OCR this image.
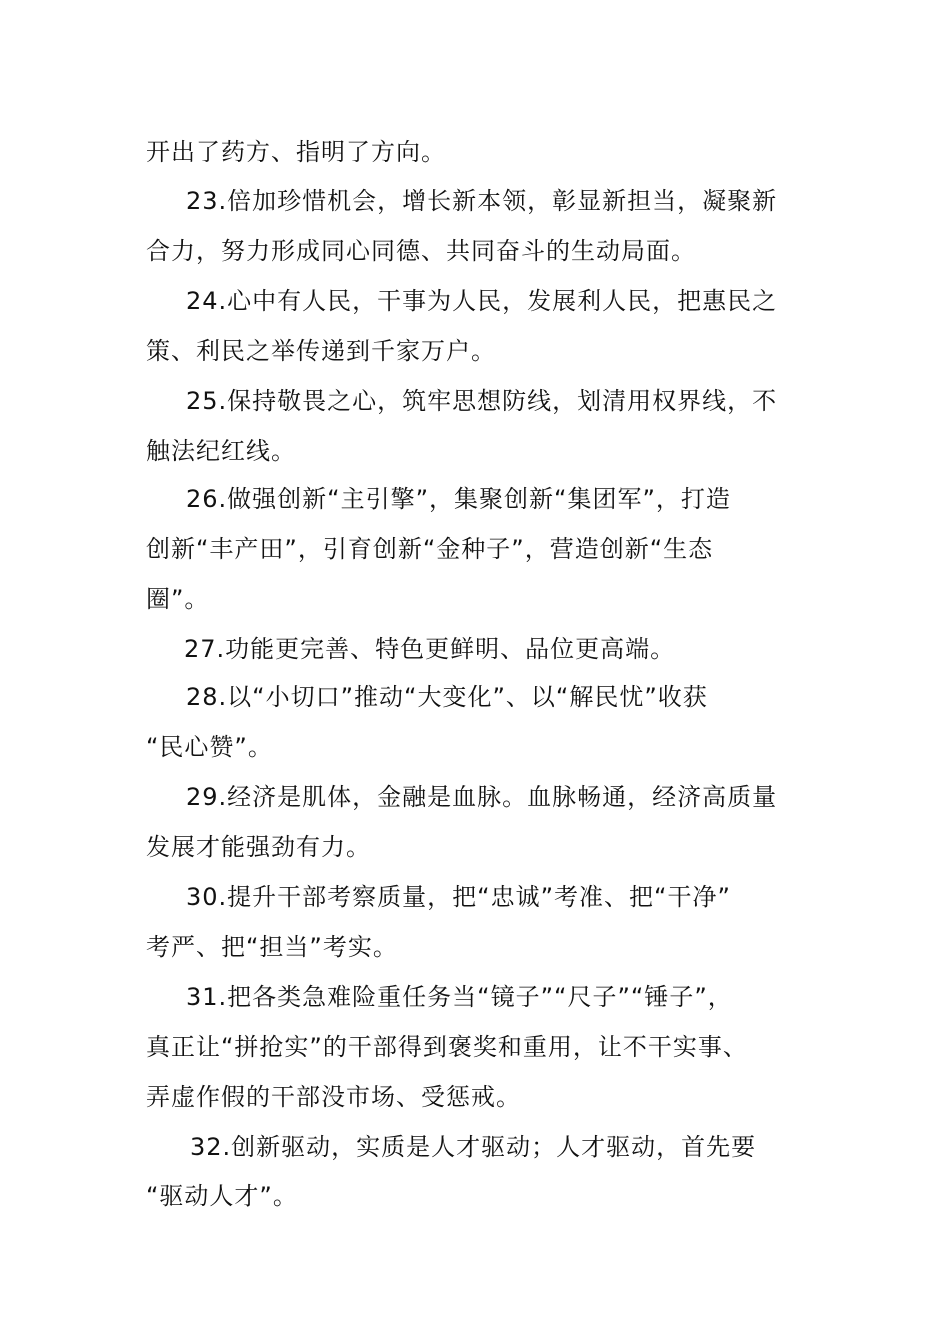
开出了药方、指明了方向。
23.倍加珍惜机会，增长新本领，彰显新担当，凝聚新
合力，努力形成同心同德、共同奋斗的生动局面。
24.心中有人民，干事为人民，发展利人民，把惠民之
策、利民之举传递到千家万户。
25.保持敬畏之心，筑牢思想防线，划清用权界线，不
触法纪红线。
26.做强创新“主引擎”，集聚创新“集团军”，打造
创新“丰产田”，引育创新“金种子”，营造创新“生态
圈”。
27.功能更完善、特色更鲜明、品位更高端。
28.以“小切口”推动“大变化”、以“解民忧”收获
“民心赞”。
29.经济是肌体，金融是血脉。血脉畅通，经济高质量
发展才能强劲有力。
30.提升干部考察质量，把“忠诚”考准、把“干净”
考严、把“担当”考实。
31.把各类急难险重任务当“镜子”“尺子”“锤子”，
真正让“拼抢实”的干部得到褒奖和重用，让不干实事、
弄虚作假的干部没市场、受惩戒。
32.创新驱动，实质是人才驱动；人才驱动，首先要
“驱动人才”。
